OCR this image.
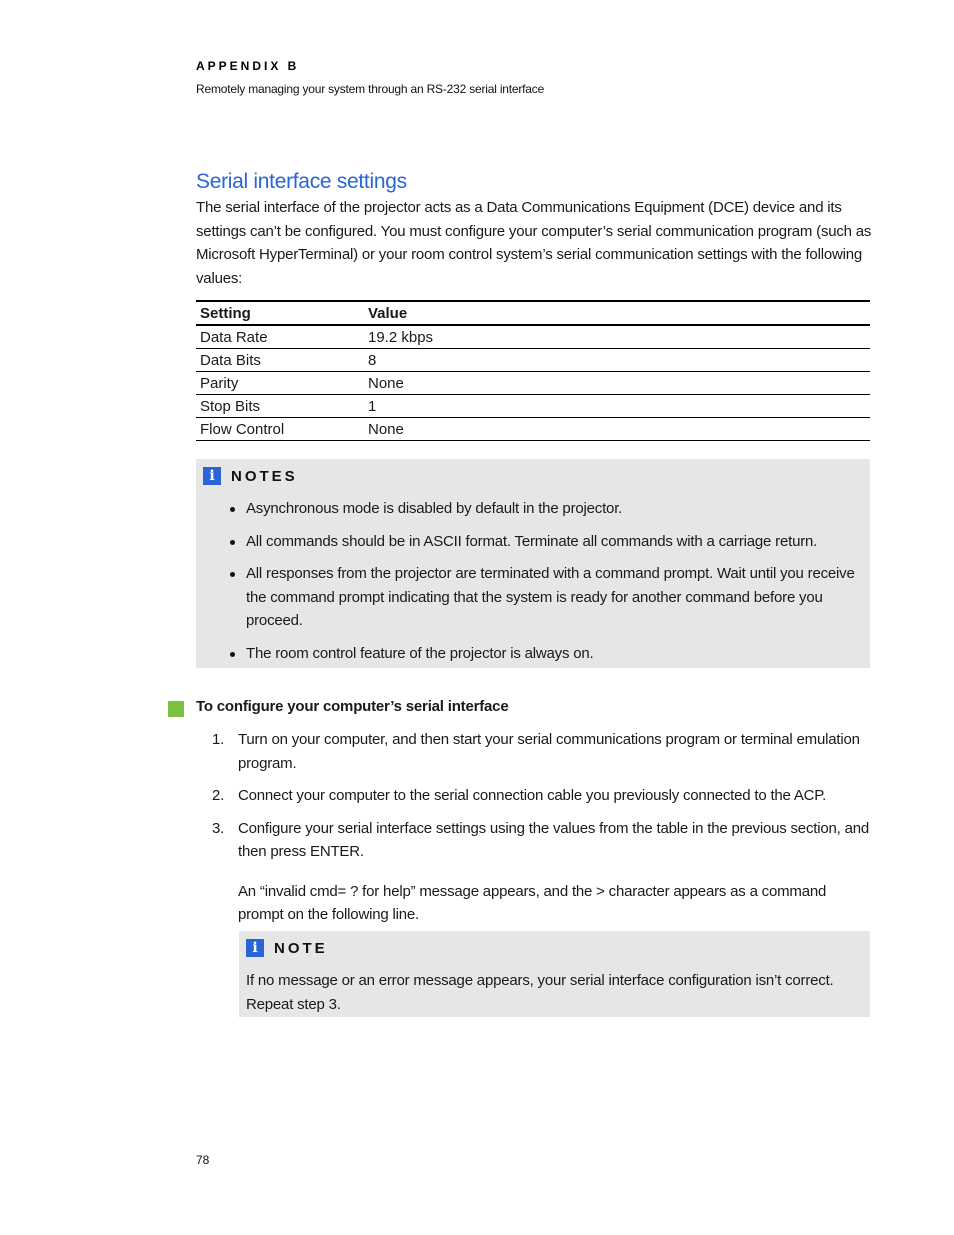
APPENDIX B
Remotely managing your system through an RS-232 serial interface
Serial interface settings

The serial interface of the projector acts as a Data Communications Equipment (DCE) device and its settings can’t be configured. You must configure your computer’s serial communication program (such as Microsoft HyperTerminal) or your room control system’s serial communication settings with the following values:

Setting	Value
Data Rate	19.2 kbps
Data Bits	8
Parity	None
Stop Bits	1
Flow Control	None
i	NOTES
Asynchronous mode is disabled by default in the projector.
All commands should be in ASCII format. Terminate all commands with a carriage return.
All responses from the projector are terminated with a command prompt. Wait until you receive the command prompt indicating that the system is ready for another command before you proceed.
The room control feature of the projector is always on.
To configure your computer’s serial interface
1. Turn on your computer, and then start your serial communications program or terminal emulation program.
2. Connect your computer to the serial connection cable you previously connected to the ACP.
3. Configure your serial interface settings using the values from the table in the previous section, and then press ENTER.
An “invalid cmd= ? for help” message appears, and the > character appears as a command prompt on the following line.
i	NOTE
If no message or an error message appears, your serial interface configuration isn’t correct. Repeat step 3.
78
